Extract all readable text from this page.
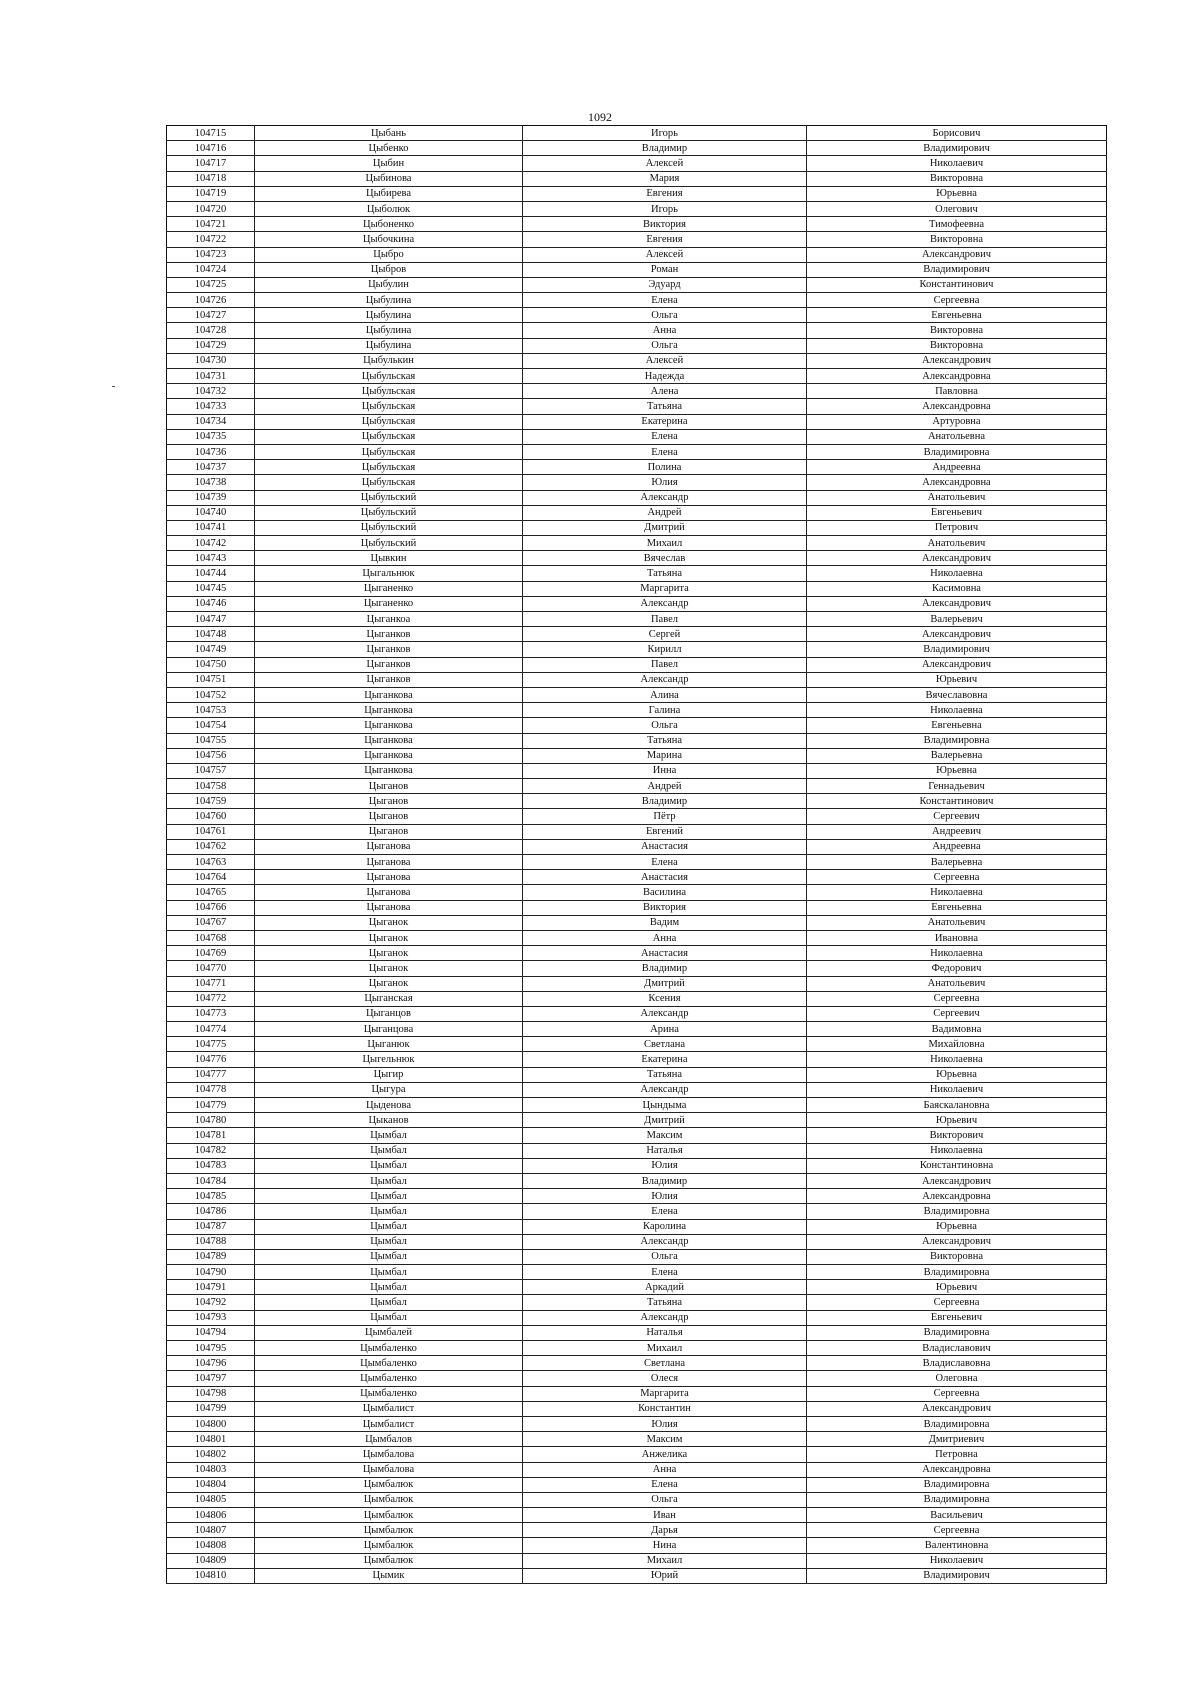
1092
104715	Цыбань	Игорь	Борисович
104716	Цыбенко	Владимир	Владимирович
104717	Цыбин	Алексей	Николаевич
104718	Цыбинова	Мария	Викторовна
104719	Цыбирева	Евгения	Юрьевна
104720	Цыболюк	Игорь	Олегович
104721	Цыбоненко	Виктория	Тимофеевна
104722	Цыбочкина	Евгения	Викторовна
104723	Цыбро	Алексей	Александрович
104724	Цыбров	Роман	Владимирович
104725	Цыбулин	Эдуард	Константинович
104726	Цыбулина	Елена	Сергеевна
104727	Цыбулина	Ольга	Евгеньевна
104728	Цыбулина	Анна	Викторовна
104729	Цыбулина	Ольга	Викторовна
104730	Цыбулькин	Алексей	Александрович
104731	Цыбульская	Надежда	Александровна
104732	Цыбульская	Алена	Павловна
104733	Цыбульская	Татьяна	Александровна
104734	Цыбульская	Екатерина	Артуровна
104735	Цыбульская	Елена	Анатольевна
104736	Цыбульская	Елена	Владимировна
104737	Цыбульская	Полина	Андреевна
104738	Цыбульская	Юлия	Александровна
104739	Цыбульский	Александр	Анатольевич
104740	Цыбульский	Андрей	Евгеньевич
104741	Цыбульский	Дмитрий	Петрович
104742	Цыбульский	Михаил	Анатольевич
104743	Цывкин	Вячеслав	Александрович
104744	Цыгальнюк	Татьяна	Николаевна
104745	Цыганенко	Маргарита	Касимовна
104746	Цыганенко	Александр	Александрович
104747	Цыганкоа	Павел	Валерьевич
104748	Цыганков	Сергей	Александрович
104749	Цыганков	Кирилл	Владимирович
104750	Цыганков	Павел	Александрович
104751	Цыганков	Александр	Юрьевич
104752	Цыганкова	Алина	Вячеславовна
104753	Цыганкова	Галина	Николаевна
104754	Цыганкова	Ольга	Евгеньевна
104755	Цыганкова	Татьяна	Владимировна
104756	Цыганкова	Марина	Валерьевна
104757	Цыганкова	Инна	Юрьевна
104758	Цыганов	Андрей	Геннадьевич
104759	Цыганов	Владимир	Константинович
104760	Цыганов	Пётр	Сергеевич
104761	Цыганов	Евгений	Андреевич
104762	Цыганова	Анастасия	Андреевна
104763	Цыганова	Елена	Валерьевна
104764	Цыганова	Анастасия	Сергеевна
104765	Цыганова	Василина	Николаевна
104766	Цыганова	Виктория	Евгеньевна
104767	Цыганок	Вадим	Анатольевич
104768	Цыганок	Анна	Ивановна
104769	Цыганок	Анастасия	Николаевна
104770	Цыганок	Владимир	Федорович
104771	Цыганок	Дмитрий	Анатольевич
104772	Цыганская	Ксения	Сергеевна
104773	Цыганцов	Александр	Сергеевич
104774	Цыганцова	Арина	Вадимовна
104775	Цыганюк	Светлана	Михайловна
104776	Цыгельнюк	Екатерина	Николаевна
104777	Цыгир	Татьяна	Юрьевна
104778	Цыгура	Александр	Николаевич
104779	Цыденова	Цындыма	Баяскалановна
104780	Цыканов	Дмитрий	Юрьевич
104781	Цымбал	Максим	Викторович
104782	Цымбал	Наталья	Николаевна
104783	Цымбал	Юлия	Константиновна
104784	Цымбал	Владимир	Александрович
104785	Цымбал	Юлия	Александровна
104786	Цымбал	Елена	Владимировна
104787	Цымбал	Каролина	Юрьевна
104788	Цымбал	Александр	Александрович
104789	Цымбал	Ольга	Викторовна
104790	Цымбал	Елена	Владимировна
104791	Цымбал	Аркадий	Юрьевич
104792	Цымбал	Татьяна	Сергеевна
104793	Цымбал	Александр	Евгеньевич
104794	Цымбалей	Наталья	Владимировна
104795	Цымбаленко	Михаил	Владиславович
104796	Цымбаленко	Светлана	Владиславовна
104797	Цымбаленко	Олеся	Олеговна
104798	Цымбаленко	Маргарита	Сергеевна
104799	Цымбалист	Константин	Александрович
104800	Цымбалист	Юлия	Владимировна
104801	Цымбалов	Максим	Дмитриевич
104802	Цымбалова	Анжелика	Петровна
104803	Цымбалова	Анна	Александровна
104804	Цымбалюк	Елена	Владимировна
104805	Цымбалюк	Ольга	Владимировна
104806	Цымбалюк	Иван	Васильевич
104807	Цымбалюк	Дарья	Сергеевна
104808	Цымбалюк	Нина	Валентиновна
104809	Цымбалюк	Михаил	Николаевич
104810	Цымик	Юрий	Владимирович
